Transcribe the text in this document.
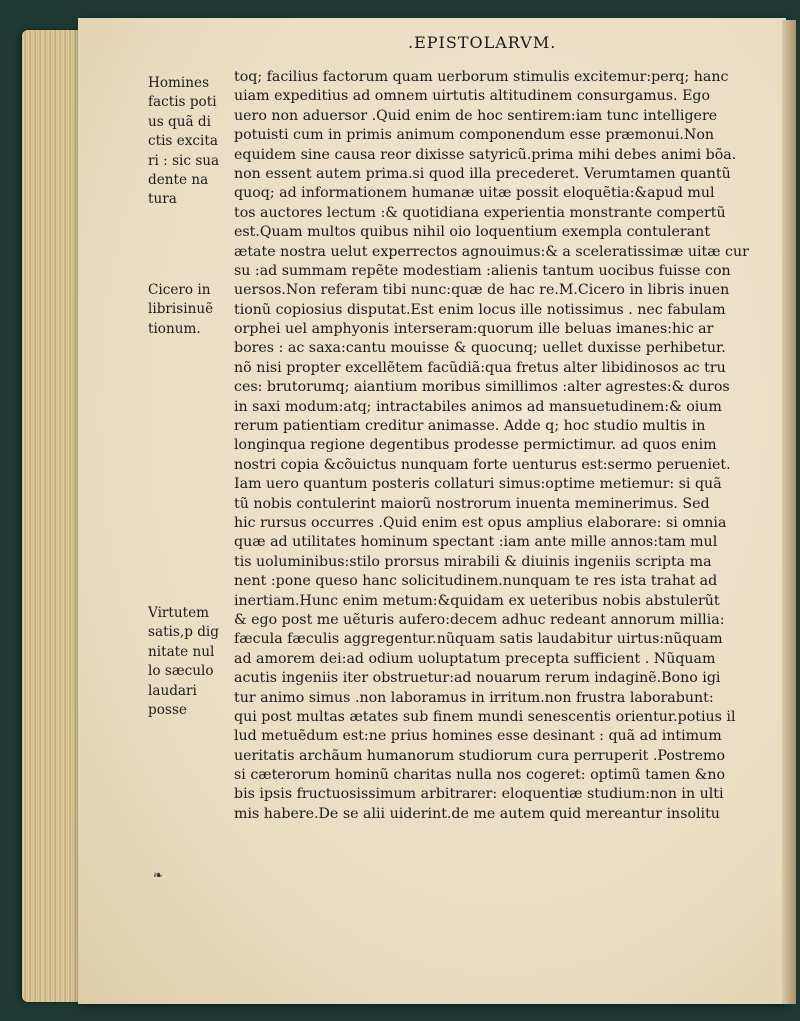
.EPISTOLARVM.
Homines
factis poti
us quã di
ctis excita
ri : sic sua
dente na
tura
Cicero in
librisinuẽ
tionum.
Virtutem
satis,p dig
nitate nul
lo sæculo
laudari
posse
toq; facilius factorum quam uerborum stimulis excitemur:perq; hanc
uiam expeditius ad omnem uirtutis altitudinem consurgamus. Ego
uero non aduersor .Quid enim de hoc sentirem:iam tunc intelligere
potuisti cum in primis animum componendum esse præmonui.Non
equidem sine causa reor dixisse satyricũ.prima mihi debes animi bõa.
non essent autem prima.si quod illa precederet. Verumtamen quantũ
quoq; ad informationem humanæ uitæ possit eloquẽtia:&apud mul
tos auctores lectum :& quotidiana experientia monstrante compertũ
est.Quam multos quibus nihil oio loquentium exempla contulerant
ætate nostra uelut experrectos agnouimus:& a sceleratissimæ uitæ cur
su :ad summam repẽte modestiam :alienis tantum uocibus fuisse con
uersos.Non referam tibi nunc:quæ de hac re.M.Cicero in libris inuen
tionũ copiosius disputat.Est enim locus ille notissimus . nec fabulam
orphei uel amphyonis interseram:quorum ille beluas imanes:hic ar
bores : ac saxa:cantu mouisse & quocunq; uellet duxisse perhibetur.
nõ nisi propter excellẽtem facũdiã:qua fretus alter libidinosos ac tru
ces: brutorumq; aiantium moribus simillimos :alter agrestes:& duros
in saxi modum:atq; intractabiles animos ad mansuetudinem:& oium
rerum patientiam creditur animasse. Adde q; hoc studio multis in
longinqua regione degentibus prodesse permictimur. ad quos enim
nostri copia &cõuictus nunquam forte uenturus est:sermo perueniet.
Iam uero quantum posteris collaturi simus:optime metiemur: si quã
tũ nobis contulerint maiorũ nostrorum inuenta meminerimus. Sed
hic rursus occurres .Quid enim est opus amplius elaborare: si omnia
quæ ad utilitates hominum spectant :iam ante mille annos:tam mul
tis uoluminibus:stilo prorsus mirabili & diuinis ingeniis scripta ma
nent :pone queso hanc solicitudinem.nunquam te res ista trahat ad
inertiam.Hunc enim metum:&quidam ex ueteribus nobis abstulerũt
& ego post me uẽturis aufero:decem adhuc redeant annorum millia:
fæcula fæculis aggregentur.nũquam satis laudabitur uirtus:nũquam
ad amorem dei:ad odium uoluptatum precepta sufficient . Nũquam
acutis ingeniis iter obstruetur:ad nouarum rerum indaginẽ.Bono igi
tur animo simus .non laboramus in irritum.non frustra laborabunt:
qui post multas ætates sub finem mundi senescentis orientur.potius il
lud metuẽdum est:ne prius homines esse desinant : quã ad intimum
ueritatis archãum humanorum studiorum cura perruperit .Postremo
si cæterorum hominũ charitas nulla nos cogeret: optimũ tamen &no
bis ipsis fructuosissimum arbitrarer: eloquentiæ studium:non in ulti
mis habere.De se alii uiderint.de me autem quid mereantur insolitu
❧
